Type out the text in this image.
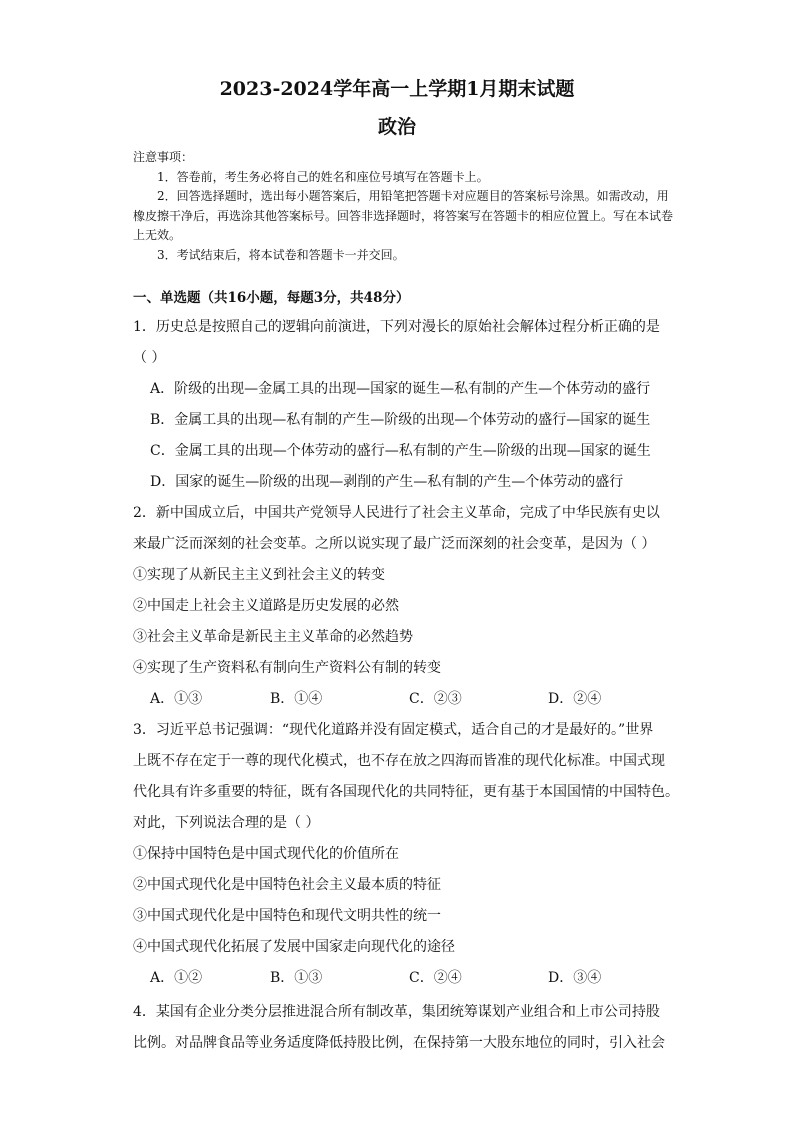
2023-2024学年高一上学期1月期末试题
政治
注意事项：
1．答卷前，考生务必将自己的姓名和座位号填写在答题卡上。
2．回答选择题时，选出每小题答案后，用铅笔把答题卡对应题目的答案标号涂黑。如需改动，用橡皮擦干净后，再选涂其他答案标号。回答非选择题时，将答案写在答题卡的相应位置上。写在本试卷上无效。
3．考试结束后，将本试卷和答题卡一并交回。
一、单选题（共16小题，每题3分，共48分）
1．历史总是按照自己的逻辑向前演进，下列对漫长的原始社会解体过程分析正确的是
（ ）
A．阶级的出现—金属工具的出现—国家的诞生—私有制的产生—个体劳动的盛行
B．金属工具的出现—私有制的产生—阶级的出现—个体劳动的盛行—国家的诞生
C．金属工具的出现—个体劳动的盛行—私有制的产生—阶级的出现—国家的诞生
D．国家的诞生—阶级的出现—剥削的产生—私有制的产生—个体劳动的盛行
2．新中国成立后，中国共产党领导人民进行了社会主义革命，完成了中华民族有史以
来最广泛而深刻的社会变革。之所以说实现了最广泛而深刻的社会变革，是因为（ ）
①实现了从新民主主义到社会主义的转变
②中国走上社会主义道路是历史发展的必然
③社会主义革命是新民主主义革命的必然趋势
④实现了生产资料私有制向生产资料公有制的转变
A．①③	B．①④	C．②③	D．②④
3．习近平总书记强调：“现代化道路并没有固定模式，适合自己的才是最好的。”世界
上既不存在定于一尊的现代化模式，也不存在放之四海而皆准的现代化标准。中国式现
代化具有许多重要的特征，既有各国现代化的共同特征，更有基于本国国情的中国特色。
对此，下列说法合理的是（ ）
①保持中国特色是中国式现代化的价值所在
②中国式现代化是中国特色社会主义最本质的特征
③中国式现代化是中国特色和现代文明共性的统一
④中国式现代化拓展了发展中国家走向现代化的途径
A．①②	B．①③	C．②④	D．③④
4．某国有企业分类分层推进混合所有制改革，集团统筹谋划产业组合和上市公司持股
比例。对品牌食品等业务适度降低持股比例，在保持第一大股东地位的同时，引入社会
